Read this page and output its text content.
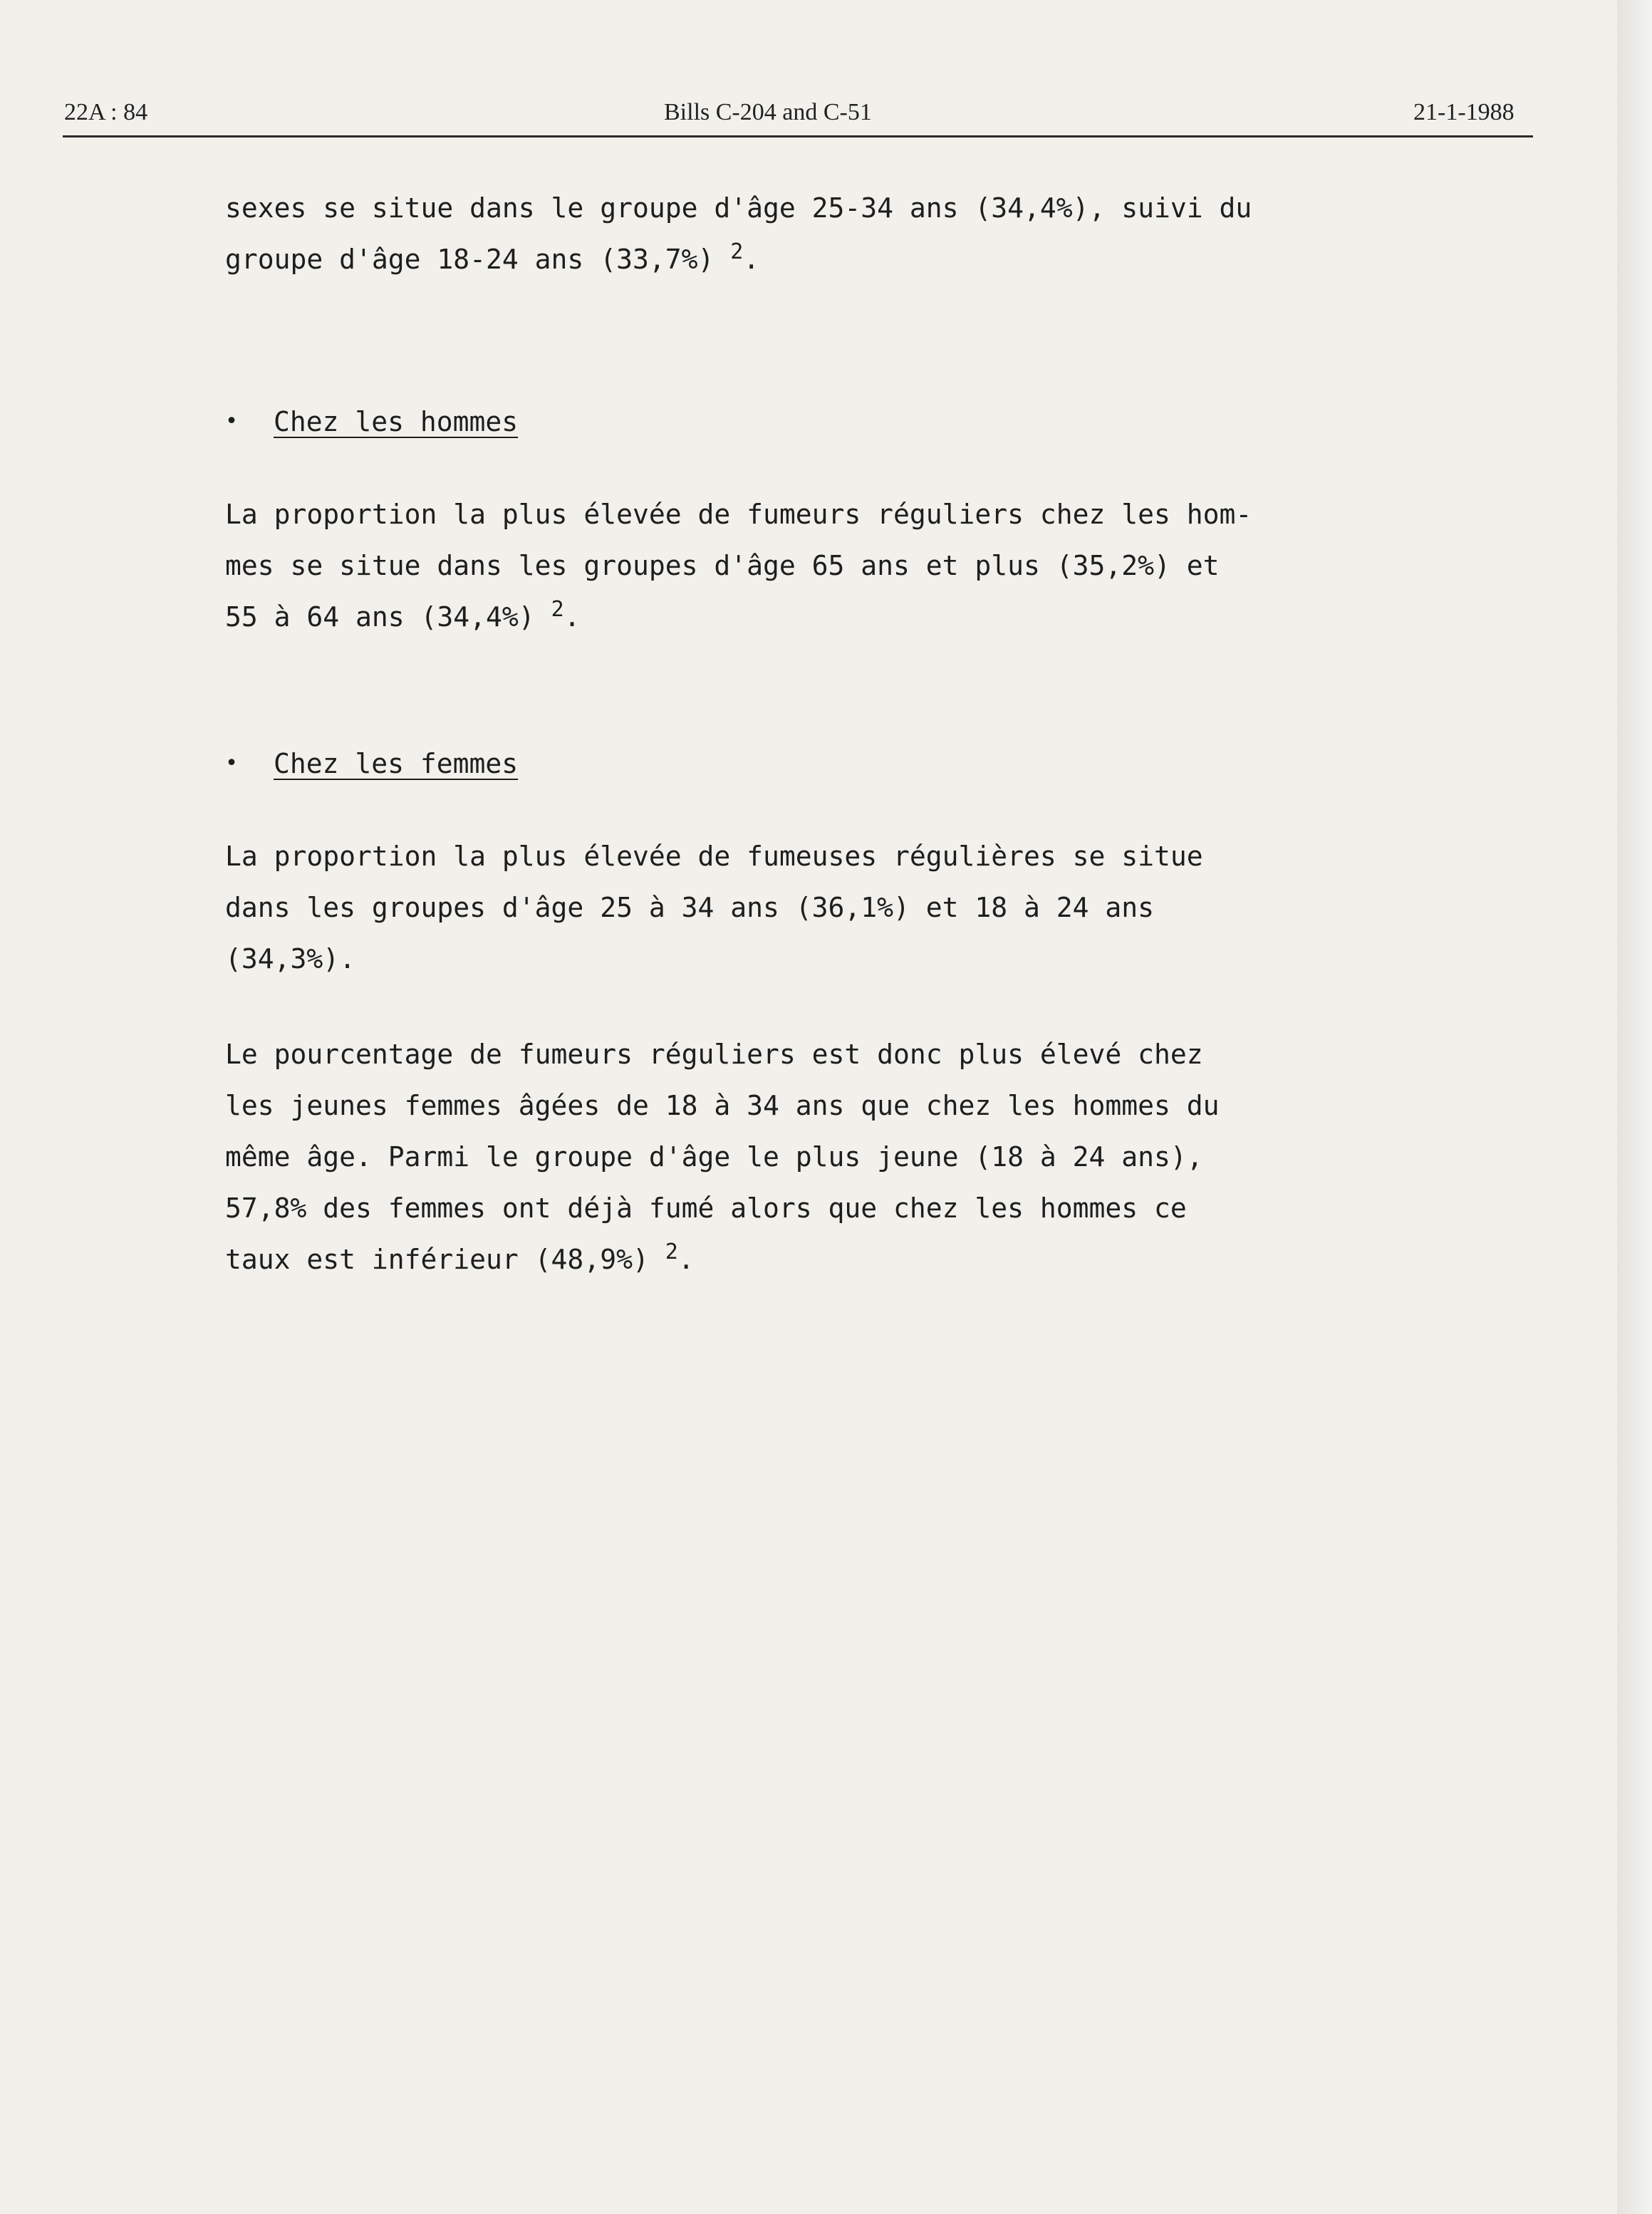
22A : 84	Bills C-204 and C-51	21-1-1988
sexes se situe dans le groupe d'âge 25-34 ans (34,4%), suivi du
groupe d'âge 18-24 ans (33,7%) $^2$.
• Chez les hommes
La proportion la plus élevée de fumeurs réguliers chez les hom-
mes se situe dans les groupes d'âge 65 ans et plus (35,2%) et
55 à 64 ans (34,4%) $^2$.
• Chez les femmes
La proportion la plus élevée de fumeuses régulières se situe
dans les groupes d'âge 25 à 34 ans (36,1%) et 18 à 24 ans
(34,3%).
Le pourcentage de fumeurs réguliers est donc plus élevé chez
les jeunes femmes âgées de 18 à 34 ans que chez les hommes du
même âge. Parmi le groupe d'âge le plus jeune (18 à 24 ans),
57,8% des femmes ont déjà fumé alors que chez les hommes ce
taux est inférieur (48,9%) $^2$.
